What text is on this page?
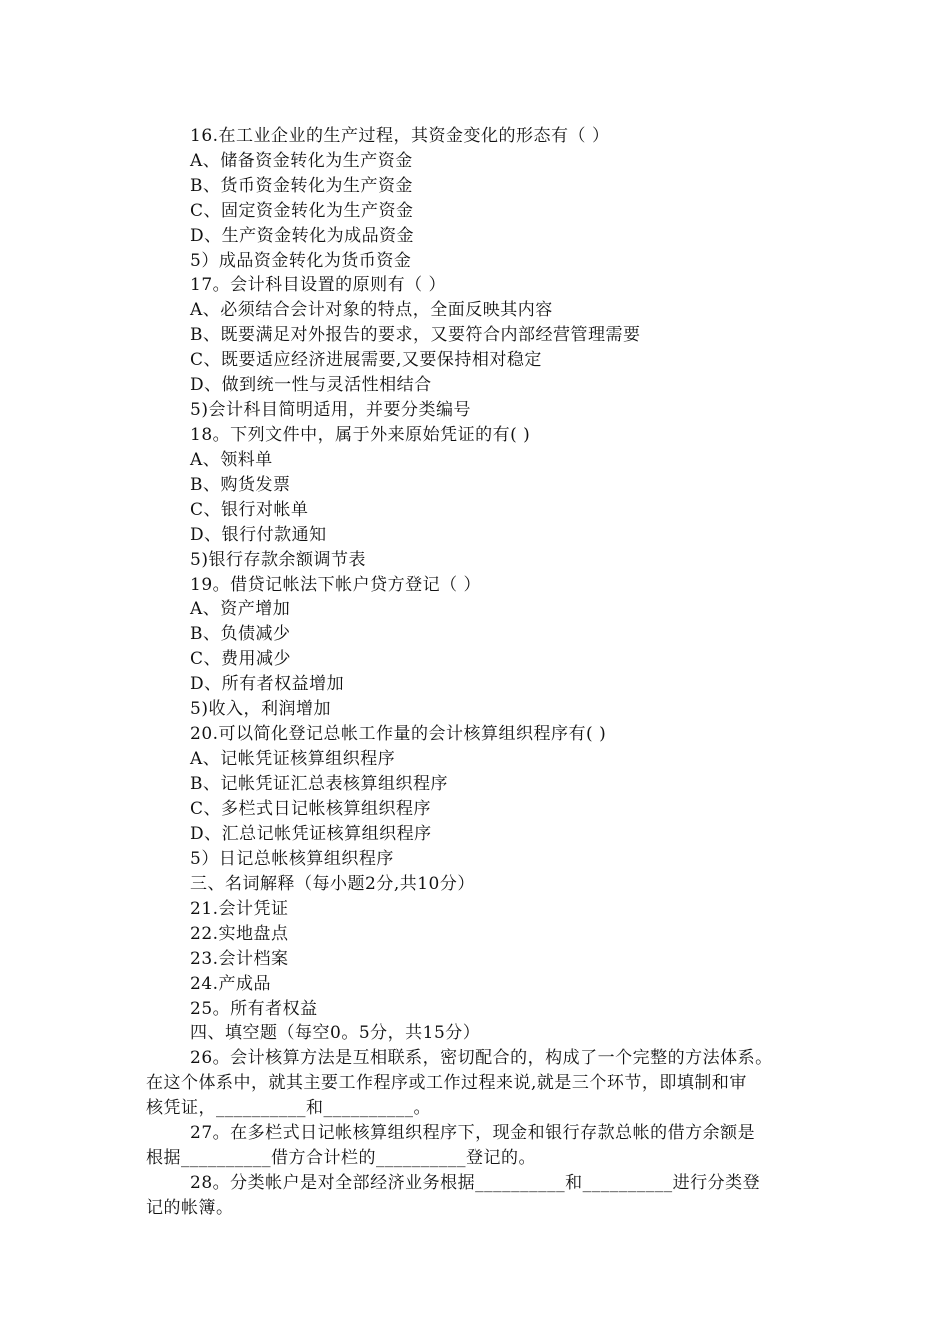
16.在工业企业的生产过程，其资金变化的形态有（ ）
A、储备资金转化为生产资金
B、货币资金转化为生产资金
C、固定资金转化为生产资金
D、生产资金转化为成品资金
5）成品资金转化为货币资金
17。会计科目设置的原则有（ ）
A、必须结合会计对象的特点，全面反映其内容
B、既要满足对外报告的要求，又要符合内部经营管理需要
C、既要适应经济进展需要,又要保持相对稳定
D、做到统一性与灵活性相结合
5)会计科目简明适用，并要分类编号
18。下列文件中，属于外来原始凭证的有( )
A、领料单
B、购货发票
C、银行对帐单
D、银行付款通知
5)银行存款余额调节表
19。借贷记帐法下帐户贷方登记（ ）
A、资产增加
B、负债减少
C、费用减少
D、所有者权益增加
5)收入，利润增加
20.可以简化登记总帐工作量的会计核算组织程序有( )
A、记帐凭证核算组织程序
B、记帐凭证汇总表核算组织程序
C、多栏式日记帐核算组织程序
D、汇总记帐凭证核算组织程序
5）日记总帐核算组织程序
三、名词解释（每小题2分,共10分）
21.会计凭证
22.实地盘点
23.会计档案
24.产成品
25。所有者权益
四、填空题（每空0。5分，共15分）
26。会计核算方法是互相联系，密切配合的，构成了一个完整的方法体系。
在这个体系中，就其主要工作程序或工作过程来说,就是三个环节，即填制和审
核凭证，__________和__________。
27。在多栏式日记帐核算组织程序下，现金和银行存款总帐的借方余额是
根据__________借方合计栏的__________登记的。
28。分类帐户是对全部经济业务根据__________和__________进行分类登
记的帐簿。
